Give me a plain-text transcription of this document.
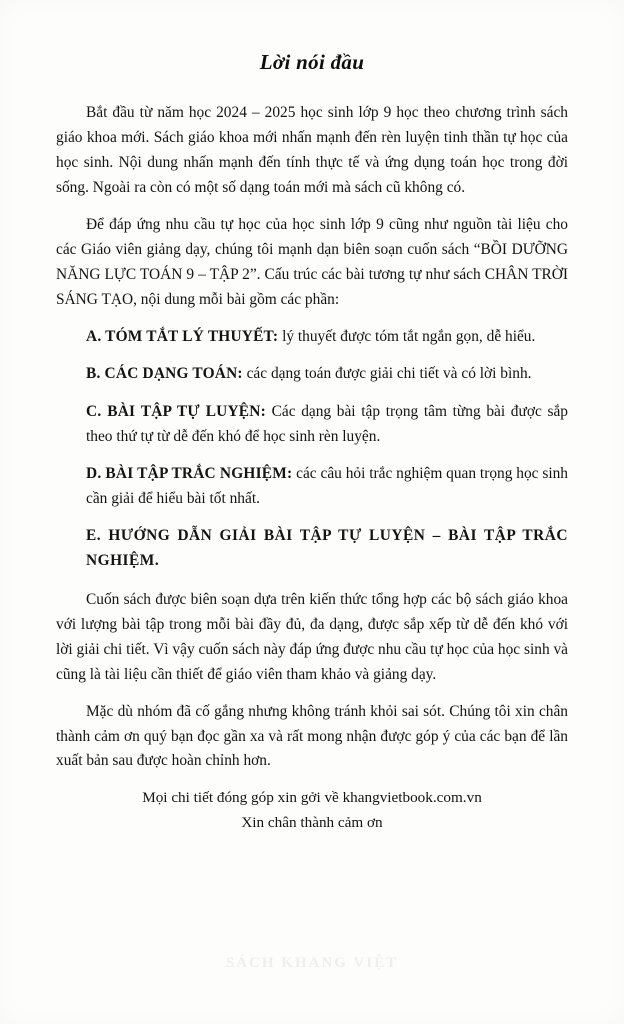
Lời nói đầu

Bắt đầu từ năm học 2024 – 2025 học sinh lớp 9 học theo chương trình sách giáo khoa mới. Sách giáo khoa mới nhấn mạnh đến rèn luyện tinh thần tự học của học sinh. Nội dung nhấn mạnh đến tính thực tế và ứng dụng toán học trong đời sống. Ngoài ra còn có một số dạng toán mới mà sách cũ không có.

Để đáp ứng nhu cầu tự học của học sinh lớp 9 cũng như nguồn tài liệu cho các Giáo viên giảng dạy, chúng tôi mạnh dạn biên soạn cuốn sách “BỒI DƯỠNG NĂNG LỰC TOÁN 9 – TẬP 2”. Cấu trúc các bài tương tự như sách CHÂN TRỜI SÁNG TẠO, nội dung mỗi bài gồm các phần:

A. TÓM TẮT LÝ THUYẾT: lý thuyết được tóm tắt ngắn gọn, dễ hiểu.
B. CÁC DẠNG TOÁN: các dạng toán được giải chi tiết và có lời bình.
C. BÀI TẬP TỰ LUYỆN: Các dạng bài tập trọng tâm từng bài được sắp theo thứ tự từ dễ đến khó để học sinh rèn luyện.
D. BÀI TẬP TRẮC NGHIỆM: các câu hỏi trắc nghiệm quan trọng học sinh cần giải để hiểu bài tốt nhất.
E. HƯỚNG DẪN GIẢI BÀI TẬP TỰ LUYỆN – BÀI TẬP TRẮC NGHIỆM.

Cuốn sách được biên soạn dựa trên kiến thức tổng hợp các bộ sách giáo khoa với lượng bài tập trong mỗi bài đầy đủ, đa dạng, được sắp xếp từ dễ đến khó với lời giải chi tiết. Vì vậy cuốn sách này đáp ứng được nhu cầu tự học của học sinh và cũng là tài liệu cần thiết để giáo viên tham khảo và giảng dạy.

Mặc dù nhóm đã cố gắng nhưng không tránh khỏi sai sót. Chúng tôi xin chân thành cảm ơn quý bạn đọc gần xa và rất mong nhận được góp ý của các bạn để lần xuất bản sau được hoàn chỉnh hơn.

Mọi chi tiết đóng góp xin gởi về khangvietbook.com.vn

Xin chân thành cảm ơn

SÁCH KHANG VIỆT
